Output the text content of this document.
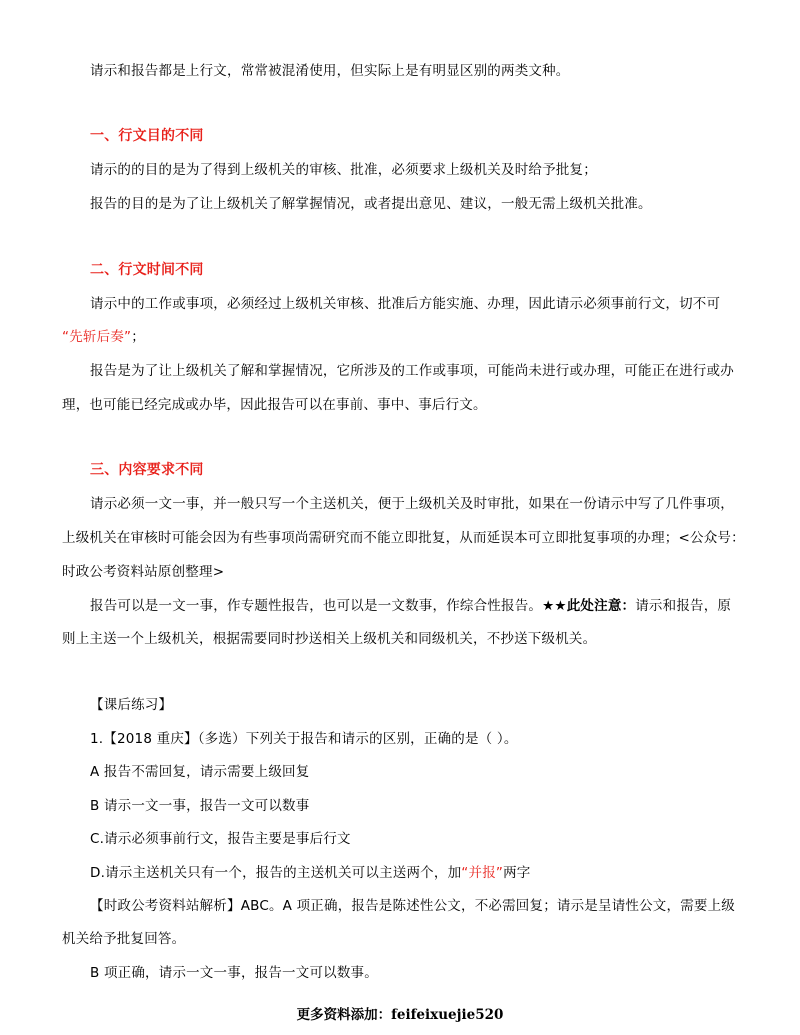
请示和报告都是上行文，常常被混淆使用，但实际上是有明显区别的两类文种。
一、行文目的不同
请示的的目的是为了得到上级机关的审核、批准，必须要求上级机关及时给予批复；
报告的目的是为了让上级机关了解掌握情况，或者提出意见、建议，一般无需上级机关批准。
二、行文时间不同
请示中的工作或事项，必须经过上级机关审核、批准后方能实施、办理，因此请示必须事前行文，切不可
“先斩后奏”；
报告是为了让上级机关了解和掌握情况，它所涉及的工作或事项，可能尚未进行或办理，可能正在进行或办
理，也可能已经完成或办毕，因此报告可以在事前、事中、事后行文。
三、内容要求不同
请示必须一文一事，并一般只写一个主送机关，便于上级机关及时审批，如果在一份请示中写了几件事项，
上级机关在审核时可能会因为有些事项尚需研究而不能立即批复，从而延误本可立即批复事项的办理；<公众号：
时政公考资料站原创整理>
报告可以是一文一事，作专题性报告，也可以是一文数事，作综合性报告。★★此处注意：请示和报告，原
则上主送一个上级机关，根据需要同时抄送相关上级机关和同级机关，不抄送下级机关。
【课后练习】
1.【2018 重庆】（多选）下列关于报告和请示的区别，正确的是（ ）。
A 报告不需回复，请示需要上级回复
B 请示一文一事，报告一文可以数事
C.请示必须事前行文，报告主要是事后行文
D.请示主送机关只有一个，报告的主送机关可以主送两个，加“并报”两字
【时政公考资料站解析】ABC。A 项正确，报告是陈述性公文，不必需回复；请示是呈请性公文，需要上级
机关给予批复回答。
B 项正确，请示一文一事，报告一文可以数事。
更多资料添加：feifeixuejie520
